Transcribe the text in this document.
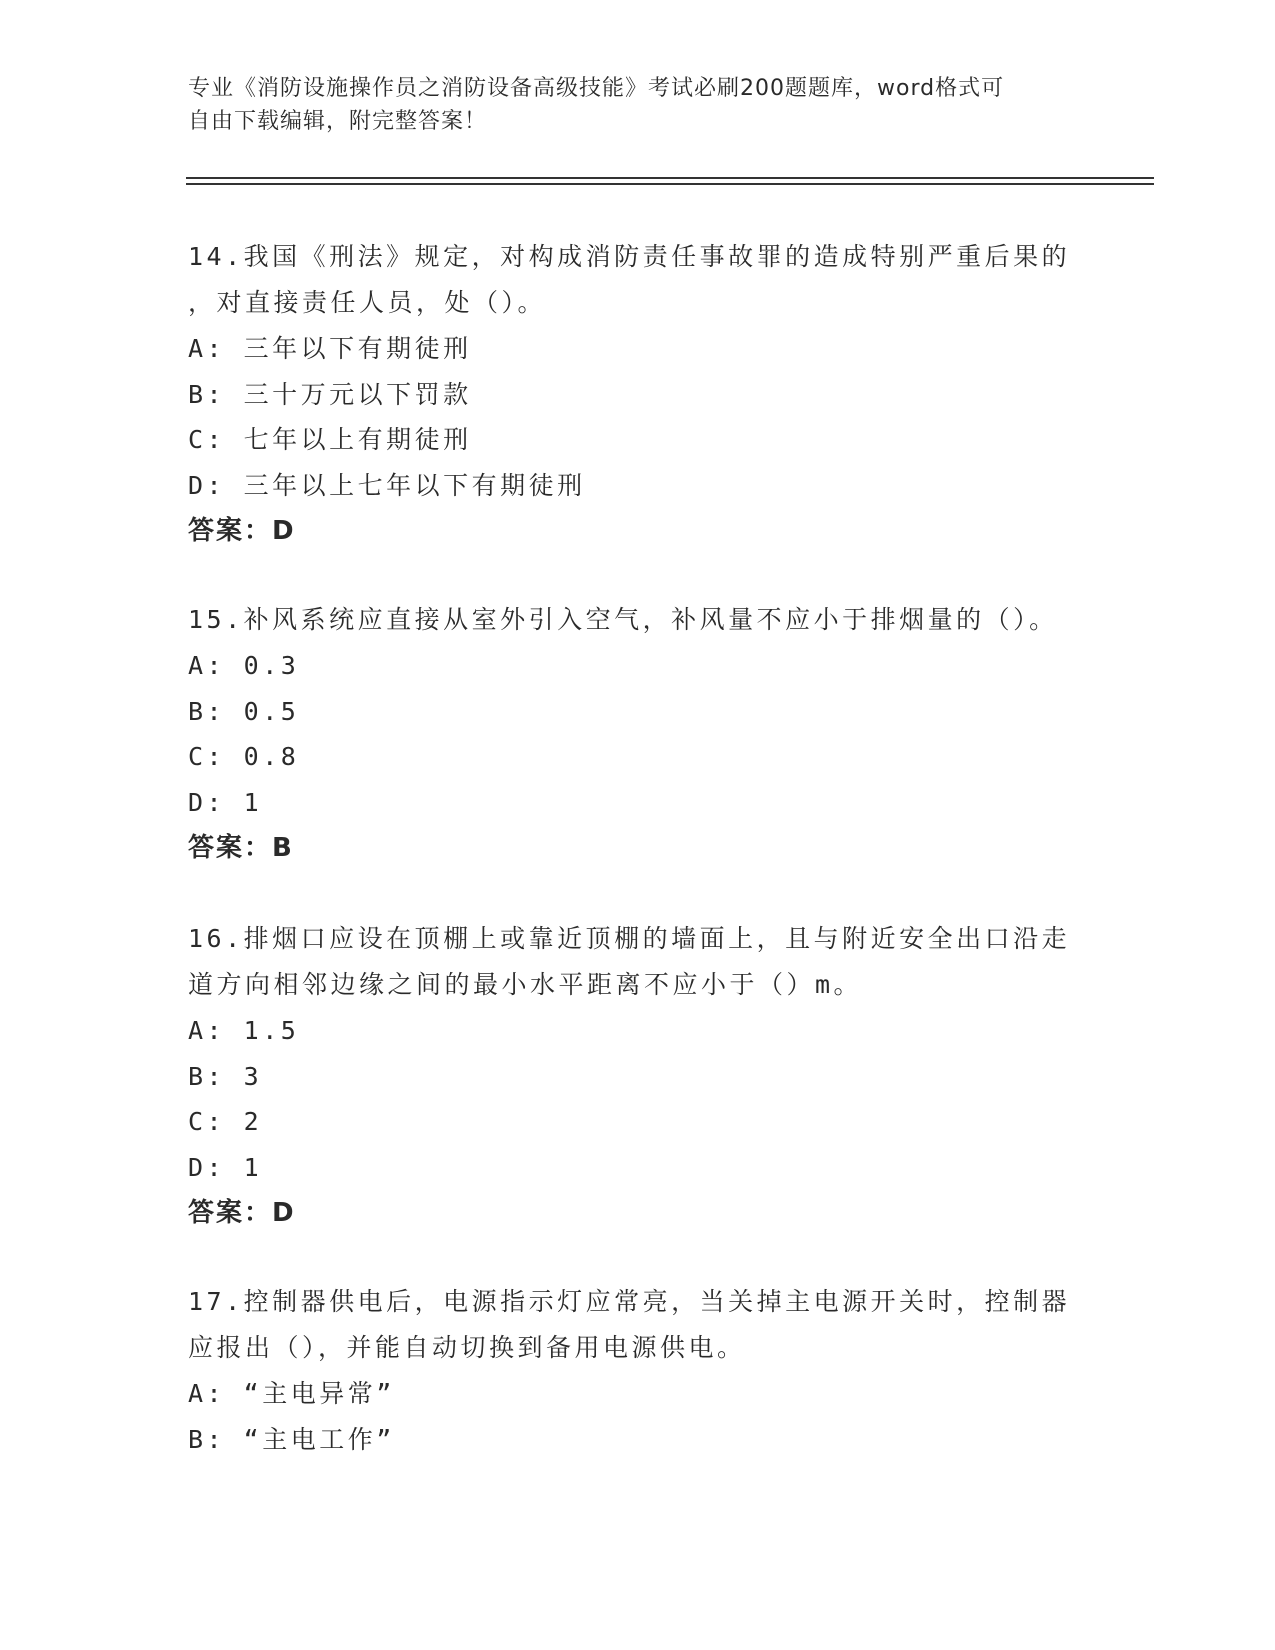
专业《消防设施操作员之消防设备高级技能》考试必刷200题题库，word格式可
自由下载编辑，附完整答案！
14.我国《刑法》规定，对构成消防责任事故罪的造成特别严重后果的
，对直接责任人员，处（）。
A: 三年以下有期徒刑
B: 三十万元以下罚款
C: 七年以上有期徒刑
D: 三年以上七年以下有期徒刑
答案：D
15.补风系统应直接从室外引入空气，补风量不应小于排烟量的（）。
A: 0.3
B: 0.5
C: 0.8
D: 1
答案：B
16.排烟口应设在顶棚上或靠近顶棚的墙面上，且与附近安全出口沿走
道方向相邻边缘之间的最小水平距离不应小于（）m。
A: 1.5
B: 3
C: 2
D: 1
答案：D
17.控制器供电后，电源指示灯应常亮，当关掉主电源开关时，控制器
应报出（），并能自动切换到备用电源供电。
A: “主电异常”
B: “主电工作”
